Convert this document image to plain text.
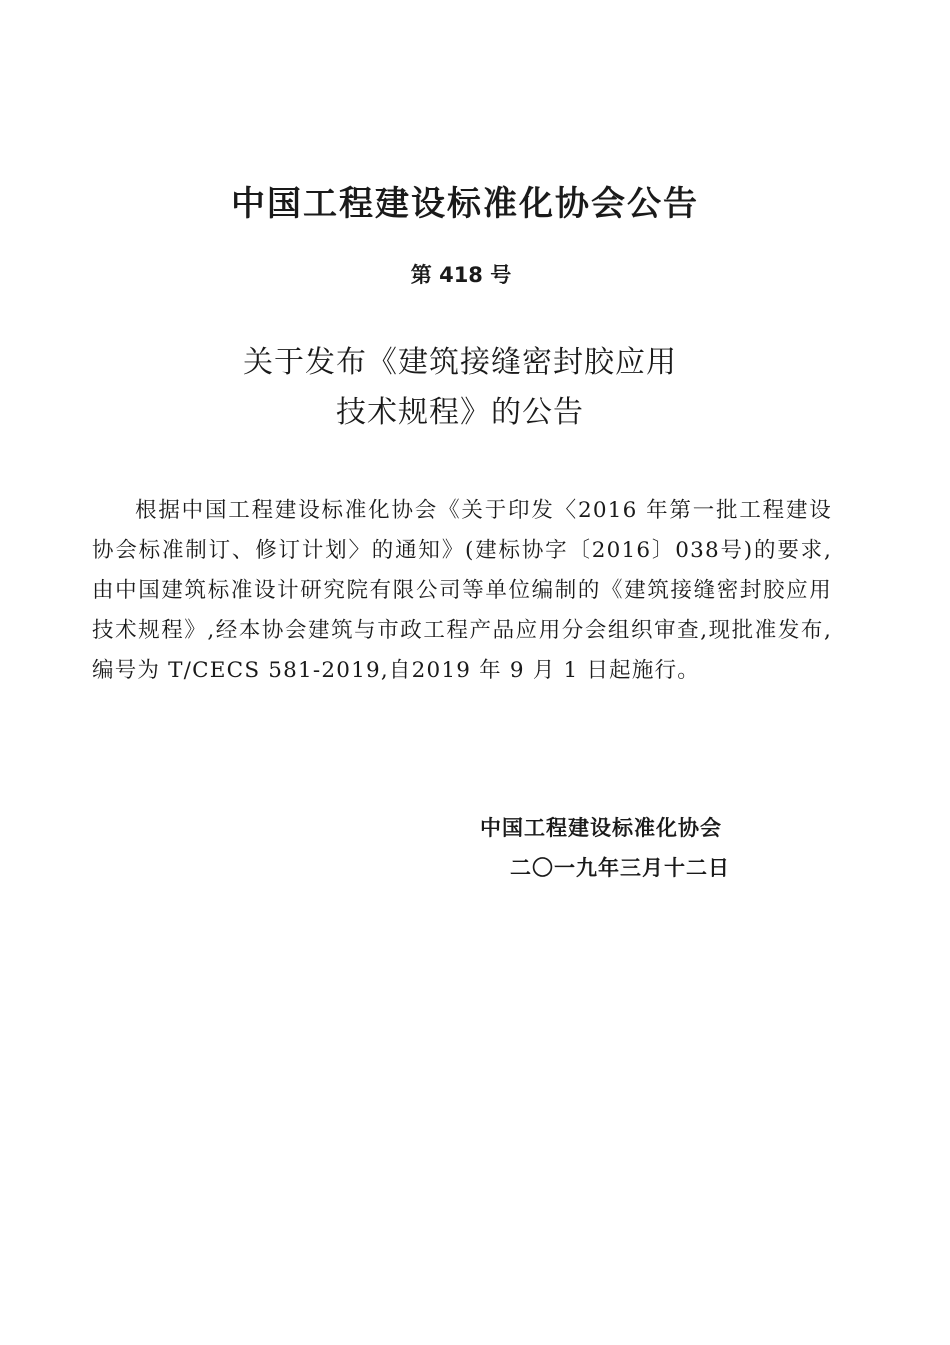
中国工程建设标准化协会公告
第 418 号
关于发布《建筑接缝密封胶应用
技术规程》的公告
根据中国工程建设标准化协会《关于印发〈2016 年第一批工程建设协会标准制订、修订计划〉的通知》(建标协字〔2016〕038号)的要求,由中国建筑标准设计研究院有限公司等单位编制的《建筑接缝密封胶应用技术规程》,经本协会建筑与市政工程产品应用分会组织审查,现批准发布,编号为 T/CECS 581-2019,自2019 年 9 月 1 日起施行。
中国工程建设标准化协会
二〇一九年三月十二日
